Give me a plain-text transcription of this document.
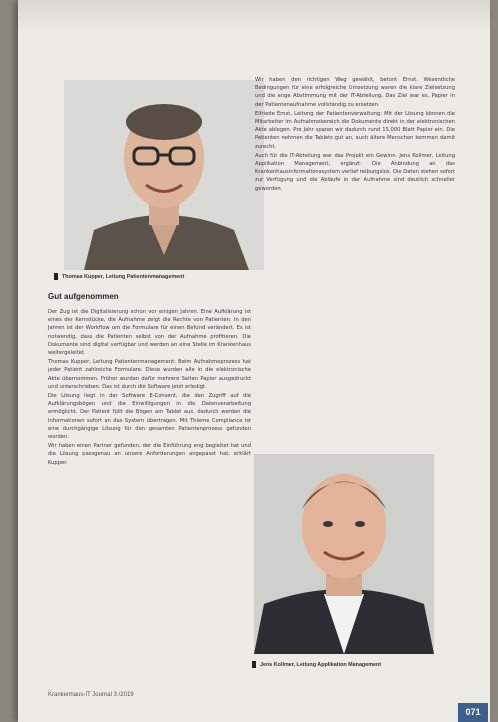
Thomas Kupper, Leitung Patientenmanagement
Gut aufgenommen

Der Zug ist die Digitalisierung schon vor einigen Jahren. Eine Aufklärung ist eines der Kernstücke, die Aufnahme zeigt die Rechte von Patienten. In den Jahren ist der Workflow um die Formulare für einen Befund verändert. Es ist notwendig, dass die Patienten selbst von der Aufnahme profitieren. Die Dokumente sind digital verfügbar und werden an eine Stelle im Krankenhaus weitergeleitet.

Thomas Kupper, Leitung Patientenmanagement: Beim Aufnahmeprozess hat jeder Patient zahlreiche Formulare. Diese wurden alle in die elektronische Akte übernommen. Früher wurden dafür mehrere Seiten Papier ausgedruckt und unterschrieben. Das ist durch die Software jetzt erledigt.

Die Lösung liegt in der Software E-Consent, die den Zugriff auf die Aufklärungsbögen und die Einwilligungen in die Datenverarbeitung ermöglicht. Der Patient füllt die Bögen am Tablet aus, dadurch werden die Informationen sofort an das System übertragen. Mit Thieme Compliance ist eine durchgängige Lösung für den gesamten Patientenprozess gefunden worden.

Wir haben einen Partner gefunden, der die Einführung eng begleitet hat und die Lösung passgenau an unsere Anforderungen angepasst hat, erklärt Kupper.

Wir haben den richtigen Weg gewählt, betont Ernst. Wesentliche Bedingungen für eine erfolgreiche Umsetzung waren die klare Zielsetzung und die enge Abstimmung mit der IT-Abteilung. Das Ziel war es, Papier in der Patientenaufnahme vollständig zu ersetzen.

Elfriede Ernst, Leitung der Patientenverwaltung: Mit der Lösung können die Mitarbeiter im Aufnahmebereich die Dokumente direkt in der elektronischen Akte ablegen. Pro Jahr sparen wir dadurch rund 15.000 Blatt Papier ein. Die Patienten nehmen die Tablets gut an, auch ältere Menschen kommen damit zurecht.

Auch für die IT-Abteilung war das Projekt ein Gewinn. Jens Kollmer, Leitung Applikation Management, ergänzt: Die Anbindung an das Krankenhausinformationssystem verlief reibungslos. Die Daten stehen sofort zur Verfügung und die Abläufe in der Aufnahme sind deutlich schneller geworden.

Jens Kollmer, Leitung Applikation Management
Krankenhaus-IT Journal 3 /2019
071
